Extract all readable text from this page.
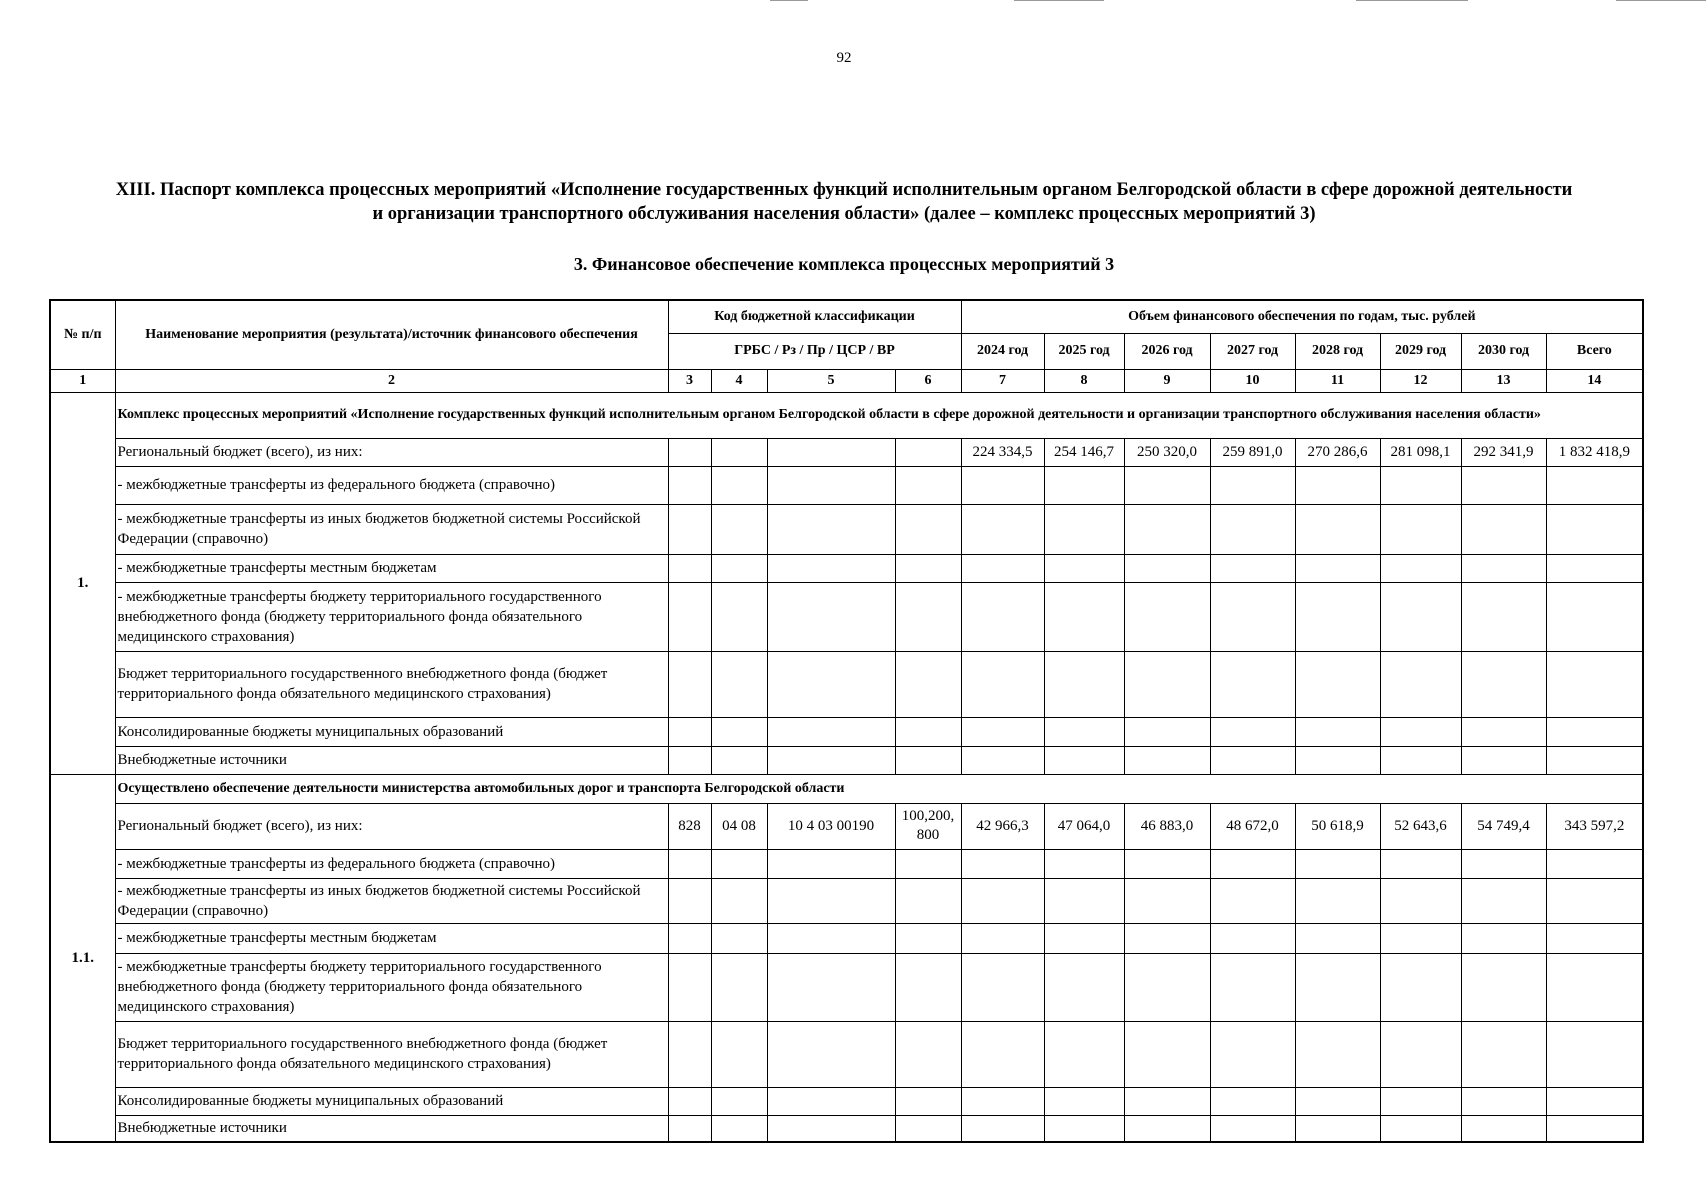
92
XIII. Паспорт комплекса процессных мероприятий «Исполнение государственных функций исполнительным органом Белгородской области в сфере дорожной деятельности
и организации транспортного обслуживания населения области» (далее – комплекс процессных мероприятий 3)
3. Финансовое обеспечение комплекса процессных мероприятий 3
№ п/п	Наименование мероприятия (результата)/источник финансового обеспечения	Код бюджетной классификации				Объем финансового обеспечения по годам, тыс. рублей							
		ГРБС / Рз / Пр / ЦСР / ВР				2024 год	2025 год	2026 год	2027 год	2028 год	2029 год	2030 год	Всего
1	2	3	4	5	6	7	8	9	10	11	12	13	14
1.	Комплекс процессных мероприятий «Исполнение государственных функций исполнительным органом Белгородской области в сфере дорожной деятельности и организации транспортного обслуживания населения области»												
	Региональный бюджет (всего), из них:					224 334,5	254 146,7	250 320,0	259 891,0	270 286,6	281 098,1	292 341,9	1 832 418,9
	- межбюджетные трансферты из федерального бюджета (справочно)												
	- межбюджетные трансферты из иных бюджетов бюджетной системы Российской Федерации (справочно)												
	- межбюджетные трансферты местным бюджетам												
	- межбюджетные трансферты бюджету территориального государственного внебюджетного фонда (бюджету территориального фонда обязательного медицинского страхования)												
	Бюджет территориального государственного внебюджетного фонда (бюджет территориального фонда обязательного медицинского страхования)												
	Консолидированные бюджеты муниципальных образований												
	Внебюджетные источники												
1.1.	Осуществлено обеспечение деятельности министерства автомобильных дорог и транспорта Белгородской области												
	Региональный бюджет (всего), из них:	828	04 08	10 4 03 00190	100,200, 800	42 966,3	47 064,0	46 883,0	48 672,0	50 618,9	52 643,6	54 749,4	343 597,2
	- межбюджетные трансферты из федерального бюджета (справочно)												
	- межбюджетные трансферты из иных бюджетов бюджетной системы Российской Федерации (справочно)												
	- межбюджетные трансферты местным бюджетам												
	- межбюджетные трансферты бюджету территориального государственного внебюджетного фонда (бюджету территориального фонда обязательного медицинского страхования)												
	Бюджет территориального государственного внебюджетного фонда (бюджет территориального фонда обязательного медицинского страхования)												
	Консолидированные бюджеты муниципальных образований												
	Внебюджетные источники												
